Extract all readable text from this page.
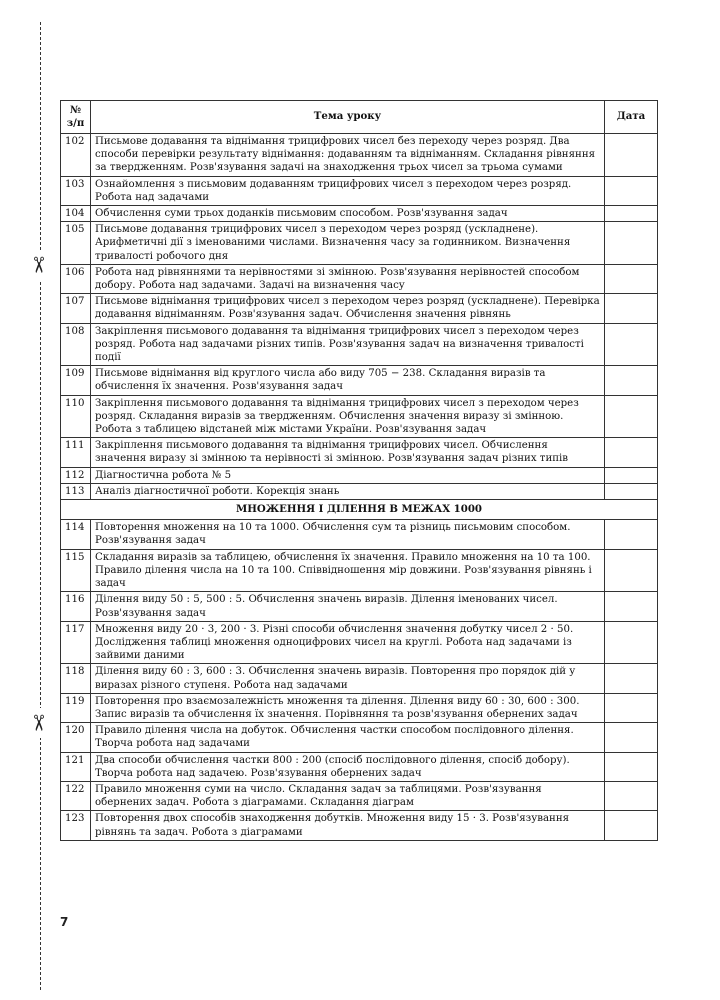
✂
✂
№
з/п	Тема уроку	Дата
102	Письмове додавання та віднімання трицифрових чисел без переходу через розряд. Два способи перевірки результату віднімання: додаванням та відніманням. Складання рівняння за твердженням. Розв'язування задачі на знаходження трьох чисел за трьома сумами	
103	Ознайомлення з письмовим додаванням трицифрових чисел з переходом через розряд. Робота над задачами	
104	Обчислення суми трьох доданків письмовим способом. Розв'язування задач	
105	Письмове додавання трицифрових чисел з переходом через розряд (ускладнене). Арифметичні дії з іменованими числами. Визначення часу за годинником. Визначення тривалості робочого дня	
106	Робота над рівняннями та нерівностями зі змінною. Розв'язування нерівностей способом добору. Робота над задачами. Задачі на визначення часу	
107	Письмове віднімання трицифрових чисел з переходом через розряд (ускладнене). Перевірка додавання відніманням. Розв'язування задач. Обчислення значення рівнянь	
108	Закріплення письмового додавання та віднімання трицифрових чисел з переходом через розряд. Робота над задачами різних типів. Розв'язування задач на визначення тривалості події	
109	Письмове віднімання від круглого числа або виду 705 − 238. Складання виразів та обчислення їх значення. Розв'язування задач	
110	Закріплення письмового додавання та віднімання трицифрових чисел з переходом через розряд. Складання виразів за твердженням. Обчислення значення виразу зі змінною. Робота з таблицею відстаней між містами України. Розв'язування задач	
111	Закріплення письмового додавання та віднімання трицифрових чисел. Обчислення значення виразу зі змінною та нерівності зі змінною. Розв'язування задач різних типів	
112	Діагностична робота № 5	
113	Аналіз діагностичної роботи. Корекція знань	
МНОЖЕННЯ І ДІЛЕННЯ В МЕЖАХ 1000		
114	Повторення множення на 10 та 1000. Обчислення сум та різниць письмовим способом. Розв'язування задач	
115	Складання виразів за таблицею, обчислення їх значення. Правило множення на 10 та 100. Правило ділення числа на 10 та 100. Співвідношення мір довжини. Розв'язування рівнянь і задач	
116	Ділення виду 50 : 5, 500 : 5. Обчислення значень виразів. Ділення іменованих чисел. Розв'язування задач	
117	Множення виду 20 · 3, 200 · 3. Різні способи обчислення значення добутку чисел 2 · 50. Дослідження таблиці множення одноцифрових чисел на круглі. Робота над задачами із зайвими даними	
118	Ділення виду 60 : 3, 600 : 3. Обчислення значень виразів. Повторення про порядок дій у виразах різного ступеня. Робота над задачами	
119	Повторення про взаємозалежність множення та ділення. Ділення виду 60 : 30, 600 : 300. Запис виразів та обчислення їх значення. Порівняння та розв'язування обернених задач	
120	Правило ділення числа на добуток. Обчислення частки способом послідовного ділення. Творча робота над задачами	
121	Два способи обчислення частки 800 : 200 (спосіб послідовного ділення, спосіб добору). Творча робота над задачею. Розв'язування обернених задач	
122	Правило множення суми на число. Складання задач за таблицями. Розв'язування обернених задач. Робота з діаграмами. Складання діаграм	
123	Повторення двох способів знаходження добутків. Множення виду 15 · 3. Розв'язування рівнянь та задач. Робота з діаграмами	
7
